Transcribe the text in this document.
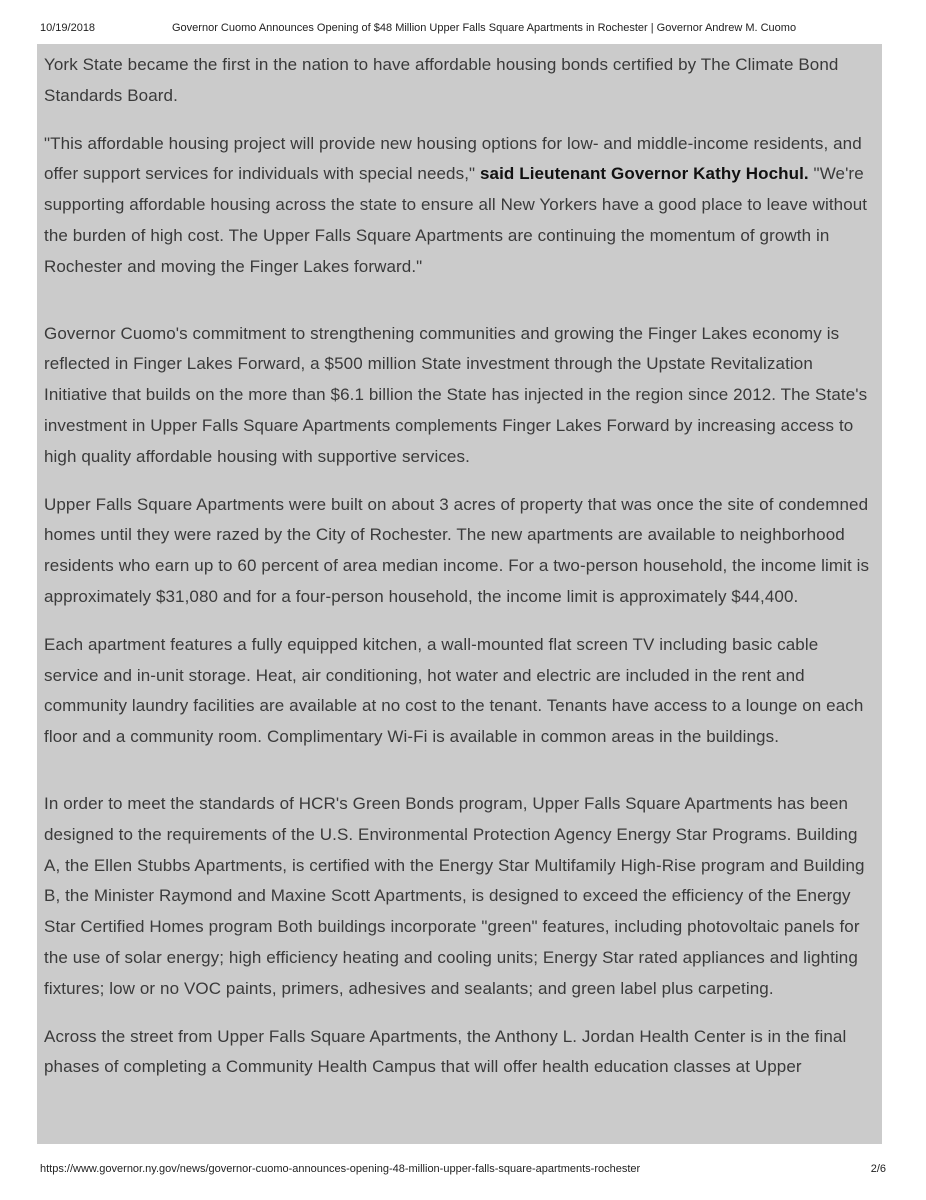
10/19/2018	Governor Cuomo Announces Opening of $48 Million Upper Falls Square Apartments in Rochester | Governor Andrew M. Cuomo

York State became the first in the nation to have affordable housing bonds certified by The Climate Bond Standards Board.

"This affordable housing project will provide new housing options for low- and middle-income residents, and offer support services for individuals with special needs," said Lieutenant Governor Kathy Hochul. "We're supporting affordable housing across the state to ensure all New Yorkers have a good place to leave without the burden of high cost. The Upper Falls Square Apartments are continuing the momentum of growth in Rochester and moving the Finger Lakes forward."

Governor Cuomo's commitment to strengthening communities and growing the Finger Lakes economy is reflected in Finger Lakes Forward, a $500 million State investment through the Upstate Revitalization Initiative that builds on the more than $6.1 billion the State has injected in the region since 2012. The State's investment in Upper Falls Square Apartments complements Finger Lakes Forward by increasing access to high quality affordable housing with supportive services.

Upper Falls Square Apartments were built on about 3 acres of property that was once the site of condemned homes until they were razed by the City of Rochester. The new apartments are available to neighborhood residents who earn up to 60 percent of area median income. For a two-person household, the income limit is approximately $31,080 and for a four-person household, the income limit is approximately $44,400.

Each apartment features a fully equipped kitchen, a wall-mounted flat screen TV including basic cable service and in-unit storage. Heat, air conditioning, hot water and electric are included in the rent and community laundry facilities are available at no cost to the tenant. Tenants have access to a lounge on each floor and a community room. Complimentary Wi-Fi is available in common areas in the buildings.

In order to meet the standards of HCR's Green Bonds program, Upper Falls Square Apartments has been designed to the requirements of the U.S. Environmental Protection Agency Energy Star Programs. Building A, the Ellen Stubbs Apartments, is certified with the Energy Star Multifamily High-Rise program and Building B, the Minister Raymond and Maxine Scott Apartments, is designed to exceed the efficiency of the Energy Star Certified Homes program Both buildings incorporate "green" features, including photovoltaic panels for the use of solar energy; high efficiency heating and cooling units; Energy Star rated appliances and lighting fixtures; low or no VOC paints, primers, adhesives and sealants; and green label plus carpeting.

Across the street from Upper Falls Square Apartments, the Anthony L. Jordan Health Center is in the final phases of completing a Community Health Campus that will offer health education classes at Upper

https://www.governor.ny.gov/news/governor-cuomo-announces-opening-48-million-upper-falls-square-apartments-rochester	2/6
